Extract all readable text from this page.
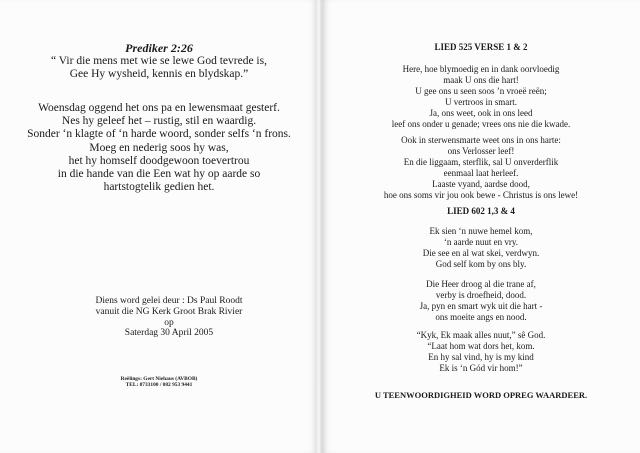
Prediker 2:26
“ Vir die mens met wie se lewe God tevrede is,
Gee Hy wysheid, kennis en blydskap.”
Woensdag oggend het ons pa en lewensmaat gesterf.
Nes hy geleef het – rustig, stil en waardig.
Sonder ‘n klagte of ‘n harde woord, sonder selfs ‘n frons.
Moeg en nederig soos hy was,
het hy homself doodgewoon toevertrou
in die hande van die Een wat hy op aarde so
hartstogtelik gedien het.
Diens word gelei deur : Ds Paul Roodt
vanuit die NG Kerk Groot Brak Rivier
op
Saterdag 30 April 2005
Reëlings: Gert Niehaus (AVBOB)
TEL: 8733100 / 082 953 9441
LIED 525 VERSE 1 & 2
Here, hoe blymoedig en in dank oorvloedig
maak U ons die hart!
U gee ons u seen soos ’n vroeë reën;
U vertroos in smart.
Ja, ons weet, ook in ons leed
leef ons onder u genade; vrees ons nie die kwade.
Ook in sterwensmarte weet ons in ons harte:
ons Verlosser leef!
En die liggaam, sterflik, sal U onverderflik
eenmaal laat herleef.
Laaste vyand, aardse dood,
hoe ons soms vir jou ook bewe - Christus is ons lewe!
LIED 602 1,3 & 4
Ek sien ‘n nuwe hemel kom,
‘n aarde nuut en vry.
Die see en al wat skei, verdwyn.
God self kom by ons bly.
Die Heer droog al die trane af,
verby is droefheid, dood.
Ja, pyn en smart wyk uit die hart -
ons moeite angs en nood.
“Kyk, Ek maak alles nuut,” sê God.
“Laat hom wat dors het, kom.
En hy sal vind, hy is my kind
Ek is ‘n Gód vir hom!”
U TEENWOORDIGHEID WORD OPREG WAARDEER.
